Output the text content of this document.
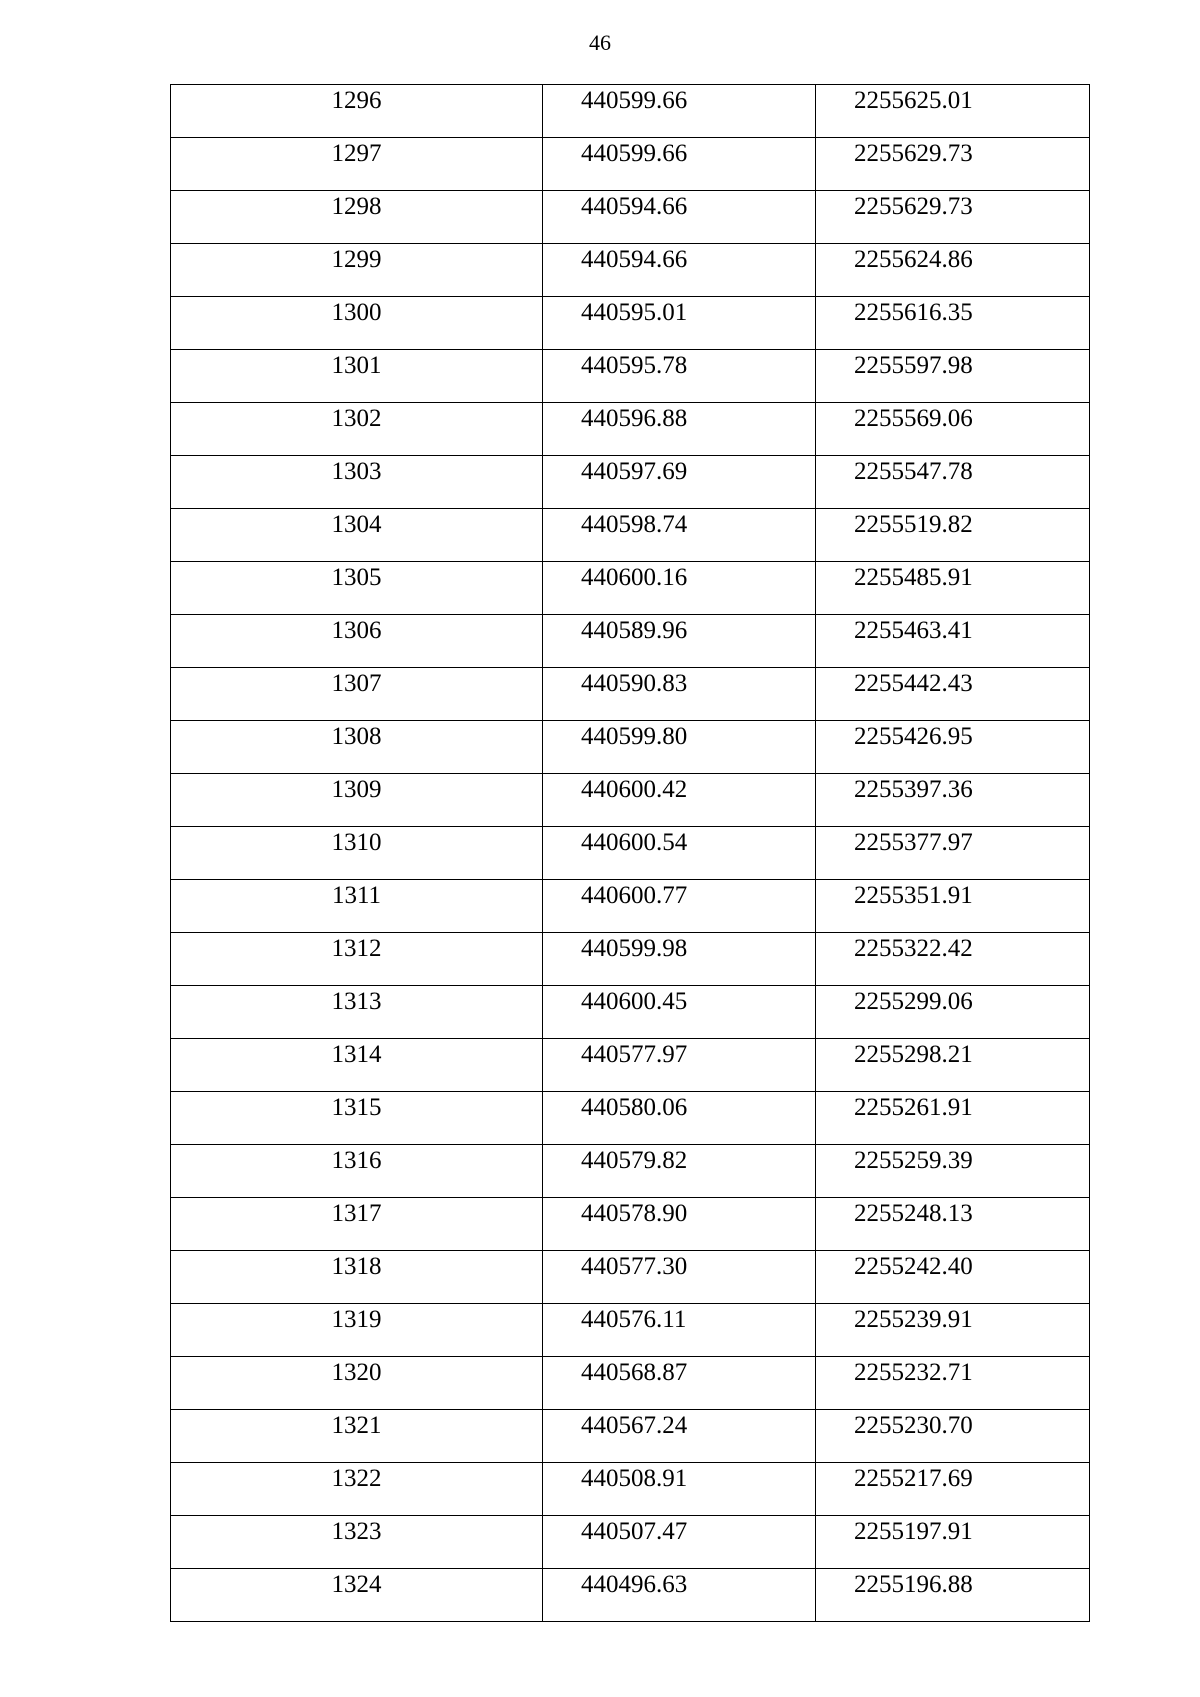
46
1296	440599.66	2255625.01

1297	440599.66	2255629.73

1298	440594.66	2255629.73

1299	440594.66	2255624.86

1300	440595.01	2255616.35

1301	440595.78	2255597.98

1302	440596.88	2255569.06

1303	440597.69	2255547.78

1304	440598.74	2255519.82

1305	440600.16	2255485.91

1306	440589.96	2255463.41

1307	440590.83	2255442.43

1308	440599.80	2255426.95

1309	440600.42	2255397.36

1310	440600.54	2255377.97

1311	440600.77	2255351.91

1312	440599.98	2255322.42

1313	440600.45	2255299.06

1314	440577.97	2255298.21

1315	440580.06	2255261.91

1316	440579.82	2255259.39

1317	440578.90	2255248.13

1318	440577.30	2255242.40

1319	440576.11	2255239.91

1320	440568.87	2255232.71

1321	440567.24	2255230.70

1322	440508.91	2255217.69

1323	440507.47	2255197.91

1324	440496.63	2255196.88
